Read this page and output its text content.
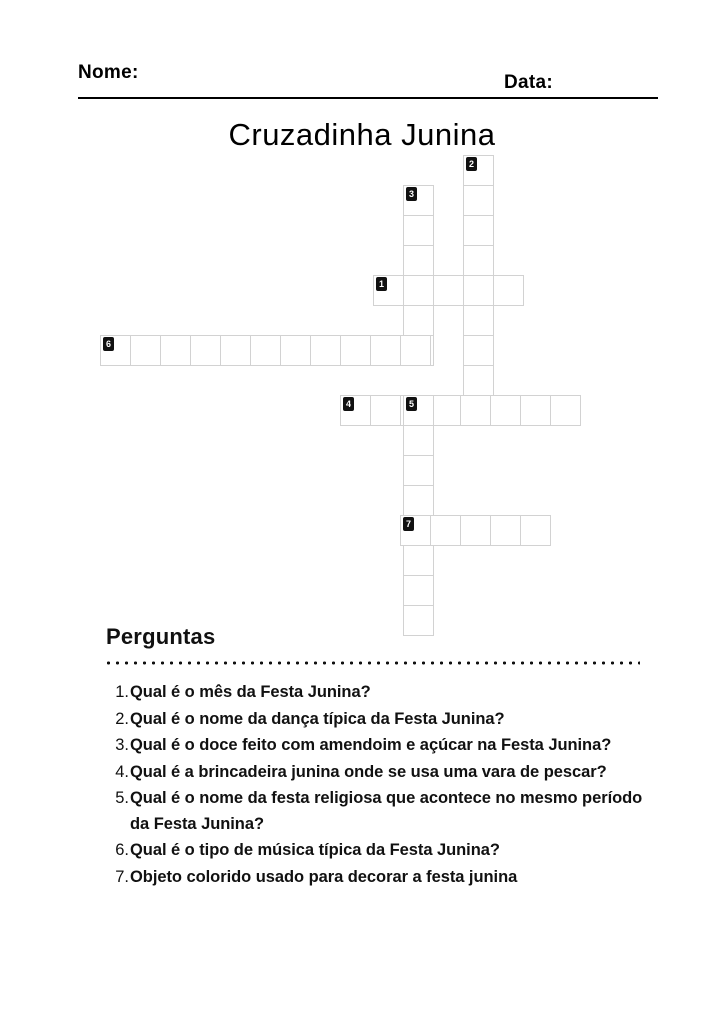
Nome:	Data:
Cruzadinha Junina
1
2
3
4	5
6
7
Perguntas
1. Qual é o mês da Festa Junina?
2. Qual é o nome da dança típica da Festa Junina?
3. Qual é o doce feito com amendoim e açúcar na Festa Junina?
4. Qual é a brincadeira junina onde se usa uma vara de pescar?
5. Qual é o nome da festa religiosa que acontece no mesmo período da Festa Junina?
6. Qual é o tipo de música típica da Festa Junina?
7. Objeto colorido usado para decorar a festa junina
